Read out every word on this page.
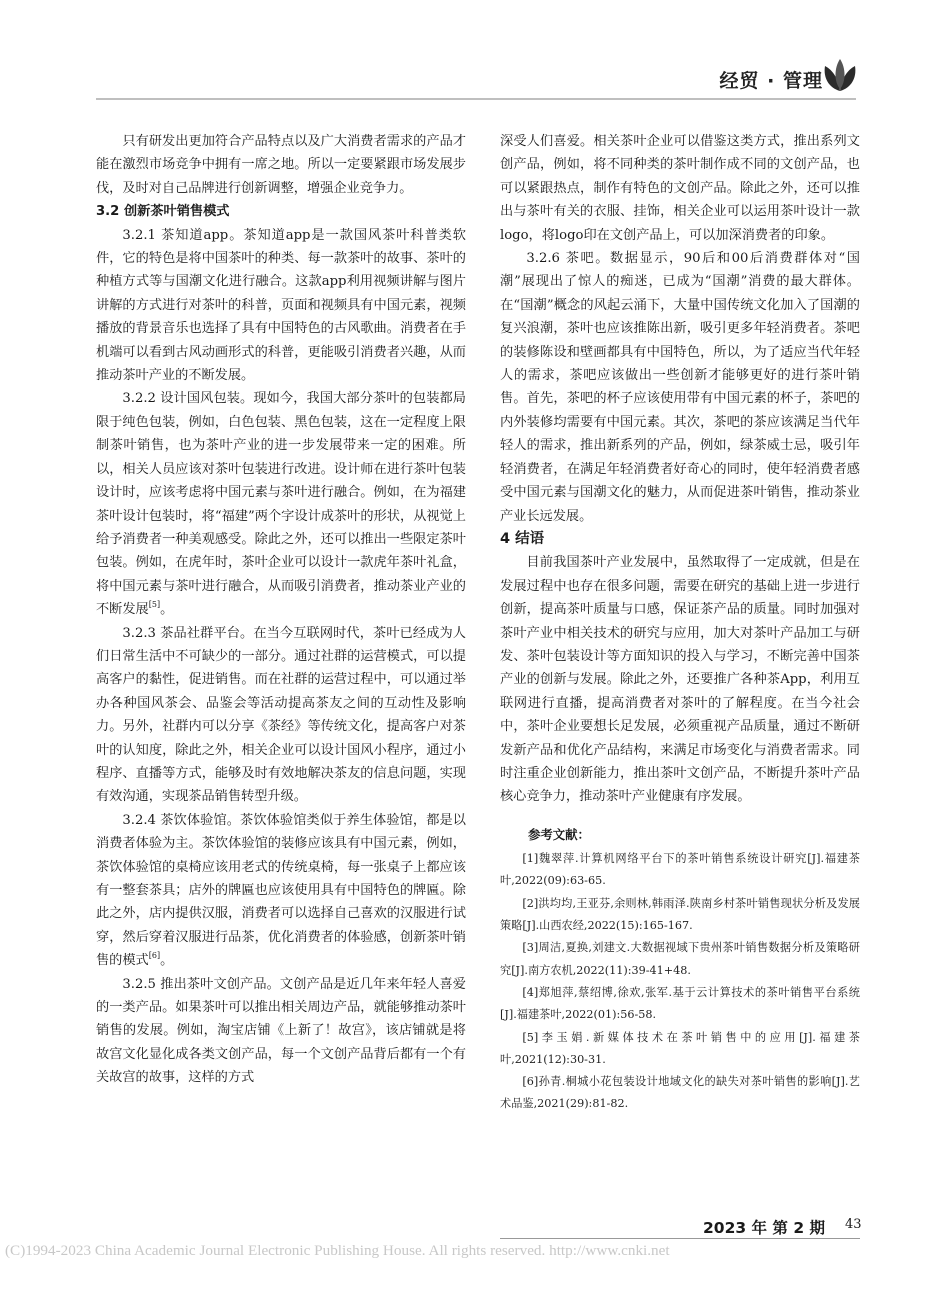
经贸 · 管理
只有研发出更加符合产品特点以及广大消费者需求的产品才能在激烈市场竞争中拥有一席之地。所以一定要紧跟市场发展步伐，及时对自己品牌进行创新调整，增强企业竞争力。
3.2 创新茶叶销售模式
3.2.1 茶知道app。茶知道app是一款国风茶叶科普类软件，它的特色是将中国茶叶的种类、每一款茶叶的故事、茶叶的种植方式等与国潮文化进行融合。这款app利用视频讲解与图片讲解的方式进行对茶叶的科普，页面和视频具有中国元素，视频播放的背景音乐也选择了具有中国特色的古风歌曲。消费者在手机端可以看到古风动画形式的科普，更能吸引消费者兴趣，从而推动茶叶产业的不断发展。
3.2.2 设计国风包装。现如今，我国大部分茶叶的包装都局限于纯色包装，例如，白色包装、黑色包装，这在一定程度上限制茶叶销售，也为茶叶产业的进一步发展带来一定的困难。所以，相关人员应该对茶叶包装进行改进。设计师在进行茶叶包装设计时，应该考虑将中国元素与茶叶进行融合。例如，在为福建茶叶设计包装时，将“福建”两个字设计成茶叶的形状，从视觉上给予消费者一种美观感受。除此之外，还可以推出一些限定茶叶包装。例如，在虎年时，茶叶企业可以设计一款虎年茶叶礼盒，将中国元素与茶叶进行融合，从而吸引消费者，推动茶业产业的不断发展[5]。
3.2.3 茶品社群平台。在当今互联网时代，茶叶已经成为人们日常生活中不可缺少的一部分。通过社群的运营模式，可以提高客户的黏性，促进销售。而在社群的运营过程中，可以通过举办各种国风茶会、品鉴会等活动提高茶友之间的互动性及影响力。另外，社群内可以分享《茶经》等传统文化，提高客户对茶叶的认知度，除此之外，相关企业可以设计国风小程序，通过小程序、直播等方式，能够及时有效地解决茶友的信息问题，实现有效沟通，实现茶品销售转型升级。
3.2.4 茶饮体验馆。茶饮体验馆类似于养生体验馆，都是以消费者体验为主。茶饮体验馆的装修应该具有中国元素，例如，茶饮体验馆的桌椅应该用老式的传统桌椅，每一张桌子上都应该有一整套茶具；店外的牌匾也应该使用具有中国特色的牌匾。除此之外，店内提供汉服，消费者可以选择自己喜欢的汉服进行试穿，然后穿着汉服进行品茶，优化消费者的体验感，创新茶叶销售的模式[6]。
3.2.5 推出茶叶文创产品。文创产品是近几年来年轻人喜爱的一类产品。如果茶叶可以推出相关周边产品，就能够推动茶叶销售的发展。例如，淘宝店铺《上新了！故宫》，该店铺就是将故宫文化显化成各类文创产品，每一个文创产品背后都有一个有关故宫的故事，这样的方式
深受人们喜爱。相关茶叶企业可以借鉴这类方式，推出系列文创产品，例如，将不同种类的茶叶制作成不同的文创产品，也可以紧跟热点，制作有特色的文创产品。除此之外，还可以推出与茶叶有关的衣服、挂饰，相关企业可以运用茶叶设计一款logo，将logo印在文创产品上，可以加深消费者的印象。
3.2.6 茶吧。数据显示，90后和00后消费群体对“国潮”展现出了惊人的痴迷，已成为“国潮”消费的最大群体。在“国潮”概念的风起云涌下，大量中国传统文化加入了国潮的复兴浪潮，茶叶也应该推陈出新，吸引更多年轻消费者。茶吧的装修陈设和壁画都具有中国特色，所以，为了适应当代年轻人的需求，茶吧应该做出一些创新才能够更好的进行茶叶销售。首先，茶吧的杯子应该使用带有中国元素的杯子，茶吧的内外装修均需要有中国元素。其次，茶吧的茶应该满足当代年轻人的需求，推出新系列的产品，例如，绿茶威士忌，吸引年轻消费者，在满足年轻消费者好奇心的同时，使年轻消费者感受中国元素与国潮文化的魅力，从而促进茶叶销售，推动茶业产业长远发展。
4 结语
目前我国茶叶产业发展中，虽然取得了一定成就，但是在发展过程中也存在很多问题，需要在研究的基础上进一步进行创新，提高茶叶质量与口感，保证茶产品的质量。同时加强对茶叶产业中相关技术的研究与应用，加大对茶叶产品加工与研发、茶叶包装设计等方面知识的投入与学习，不断完善中国茶产业的创新与发展。除此之外，还要推广各种茶App，利用互联网进行直播，提高消费者对茶叶的了解程度。在当今社会中，茶叶企业要想长足发展，必须重视产品质量，通过不断研发新产品和优化产品结构，来满足市场变化与消费者需求。同时注重企业创新能力，推出茶叶文创产品，不断提升茶叶产品核心竞争力，推动茶叶产业健康有序发展。
参考文献：
[1]魏翠萍.计算机网络平台下的茶叶销售系统设计研究[J].福建茶叶,2022(09):63-65.
[2]洪均均,王亚芬,余则林,韩雨泽.陕南乡村茶叶销售现状分析及发展策略[J].山西农经,2022(15):165-167.
[3]周洁,夏换,刘建文.大数据视域下贵州茶叶销售数据分析及策略研究[J].南方农机,2022(11):39-41+48.
[4]郑旭萍,蔡绍博,徐欢,张军.基于云计算技术的茶叶销售平台系统[J].福建茶叶,2022(01):56-58.
[5]李玉娟.新媒体技术在茶叶销售中的应用[J].福建茶叶,2021(12):30-31.
[6]孙青.桐城小花包装设计地域文化的缺失对茶叶销售的影响[J].艺术品鉴,2021(29):81-82.
2023 年 第 2 期 43
(C)1994-2023 China Academic Journal Electronic Publishing House. All rights reserved. http://www.cnki.net
